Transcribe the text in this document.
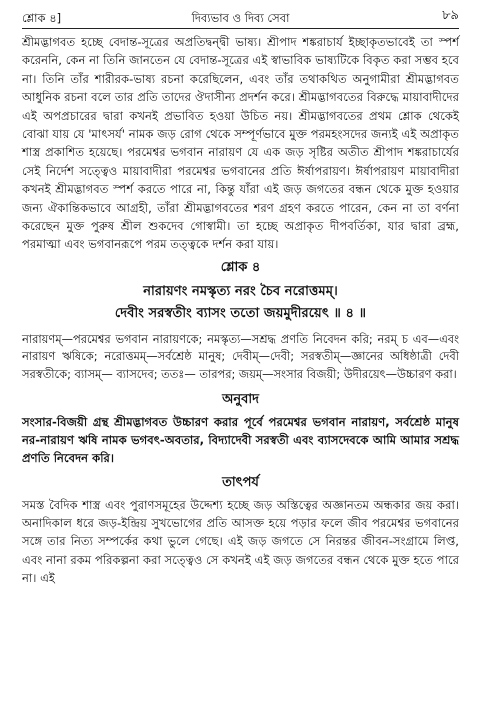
শ্লোক ৪]	দিব্যভাব ও দিব্য সেবা	৮৯

শ্রীমদ্ভাগবত হচ্ছে বেদান্ত-সূত্রের অপ্রতিদ্বন্দ্বী ভাষ্য। শ্রীপাদ শঙ্করাচার্য ইচ্ছাকৃতভাবেই তা স্পর্শ করেননি, কেন না তিনি জানতেন যে বেদান্ত-সূত্রের এই স্বাভাবিক ভাষ্যটিকে বিকৃত করা সম্ভব হবে না। তিনি তাঁর শারীরক-ভাষ্য রচনা করেছিলেন, এবং তাঁর তথাকথিত অনুগামীরা শ্রীমদ্ভাগবত আধুনিক রচনা বলে তার প্রতি তাদের ঔদাসীন্য প্রদর্শন করে। শ্রীমদ্ভাগবতের বিরুদ্ধে মায়াবাদীদের এই অপপ্রচারের দ্বারা কখনই প্রভাবিত হওয়া উচিত নয়। শ্রীমদ্ভাগবতের প্রথম শ্লোক থেকেই বোঝা যায় যে 'মাৎসর্য' নামক জড় রোগ থেকে সম্পূর্ণভাবে মুক্ত পরমহংসদের জন্যই এই অপ্রাকৃত শাস্ত্র প্রকাশিত হয়েছে। পরমেশ্বর ভগবান নারায়ণ যে এক জড় সৃষ্টির অতীত শ্রীপাদ শঙ্করাচার্যের সেই নির্দেশ সত্ত্বেও মায়াবাদীরা পরমেশ্বর ভগবানের প্রতি ঈর্ষাপরায়ণ। ঈর্ষাপরায়ণ মায়াবাদীরা কখনই শ্রীমদ্ভাগবত স্পর্শ করতে পারে না, কিন্তু যাঁরা এই জড় জগতের বন্ধন থেকে মুক্ত হওয়ার জন্য ঐকান্তিকভাবে আগ্রহী, তাঁরা শ্রীমদ্ভাগবতের শরণ গ্রহণ করতে পারেন, কেন না তা বর্ণনা করেছেন মুক্ত পুরুষ শ্রীল শুকদেব গোস্বামী। তা হচ্ছে অপ্রাকৃত দীপবর্তিকা, যার দ্বারা ব্রহ্ম, পরমাত্মা এবং ভগবানরূপে পরম তত্ত্বকে দর্শন করা যায়।

শ্লোক ৪

নারায়ণং নমস্কৃত্য নরং চৈব নরোত্তমম্।

দেবীং সরস্বতীং ব্যাসং ততো জয়মুদীরয়েৎ ॥ ৪ ॥

নারায়ণম্—পরমেশ্বর ভগবান নারায়ণকে; নমস্কৃত্য—সশ্রদ্ধ প্রণতি নিবেদন করি; নরম্ চ এব—এবং নারায়ণ ঋষিকে; নরোত্তমম্—সর্বশ্রেষ্ঠ মানুষ; দেবীম্—দেবী; সরস্বতীম্—জ্ঞানের অধিষ্ঠাত্রী দেবী সরস্বতীকে; ব্যাসম্— ব্যাসদেব; ততঃ— তারপর; জয়ম্—সংসার বিজয়ী; উদীরয়েৎ—উচ্চারণ করা।

অনুবাদ

সংসার-বিজয়ী গ্রন্থ শ্রীমদ্ভাগবত উচ্চারণ করার পূর্বে পরমেশ্বর ভগবান নারায়ণ, সর্বশ্রেষ্ঠ মানুষ নর-নারায়ণ ঋষি নামক ভগবৎ-অবতার, বিদ্যাদেবী সরস্বতী এবং ব্যাসদেবকে আমি আমার সশ্রদ্ধ প্রণতি নিবেদন করি।

তাৎপর্য

সমস্ত বৈদিক শাস্ত্র এবং পুরাণসমূহের উদ্দেশ্য হচ্ছে জড় অস্তিত্বের অজ্ঞানতম অন্ধকার জয় করা। অনাদিকাল ধরে জড়-ইন্দ্রিয় সুখভোগের প্রতি আসক্ত হয়ে পড়ার ফলে জীব পরমেশ্বর ভগবানের সঙ্গে তার নিত্য সম্পর্কের কথা ভুলে গেছে। এই জড় জগতে সে নিরন্তর জীবন-সংগ্রামে লিপ্ত, এবং নানা রকম পরিকল্পনা করা সত্ত্বেও সে কখনই এই জড় জগতের বন্ধন থেকে মুক্ত হতে পারে না। এই
